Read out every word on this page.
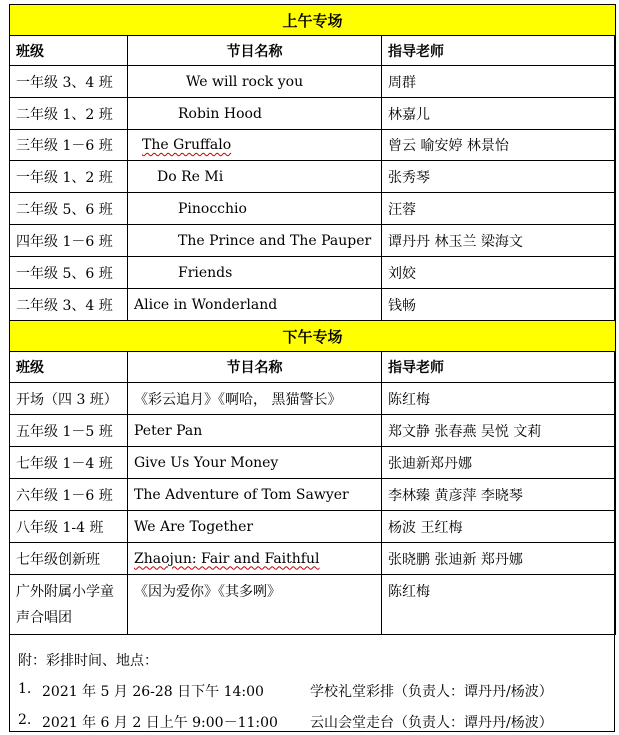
上午专场		
班级	节目名称	指导老师
一年级 3、4 班	We will rock you	周群
二年级 1、2 班	Robin Hood	林嘉儿
三年级 1－6 班	The Gruffalo	曾云 喻安婷 林景怡
一年级 1、2 班	Do Re Mi	张秀琴
二年级 5、6 班	Pinocchio	汪蓉
四年级 1－6 班	The Prince and The Pauper	谭丹丹 林玉兰 梁海文
一年级 5、6 班	Friends	刘姣
二年级 3、4 班	Alice in Wonderland	钱畅
下午专场		
班级	节目名称	指导老师
开场（四 3 班）	《彩云追月》《啊哈， 黑猫警长》	陈红梅
五年级 1－5 班	Peter Pan	郑文静 张春燕 吴悦 文莉
七年级 1－4 班	Give Us Your Money	张迪新郑丹娜
六年级 1－6 班	The Adventure of Tom Sawyer	李林臻 黄彦萍 李晓琴
八年级 1-4 班	We Are Together	杨波 王红梅
七年级创新班	Zhaojun: Fair and Faithful	张晓鹏 张迪新 郑丹娜
广外附属小学童声合唱团	《因为爱你》《其多咧》	陈红梅
附：彩排时间、地点：
1. 2021 年 5 月 26-28 日下午 14:00	学校礼堂彩排（负责人：谭丹丹/杨波）
2. 2021 年 6 月 2 日上午 9:00－11:00 云山会堂走台（负责人：谭丹丹/杨波）
